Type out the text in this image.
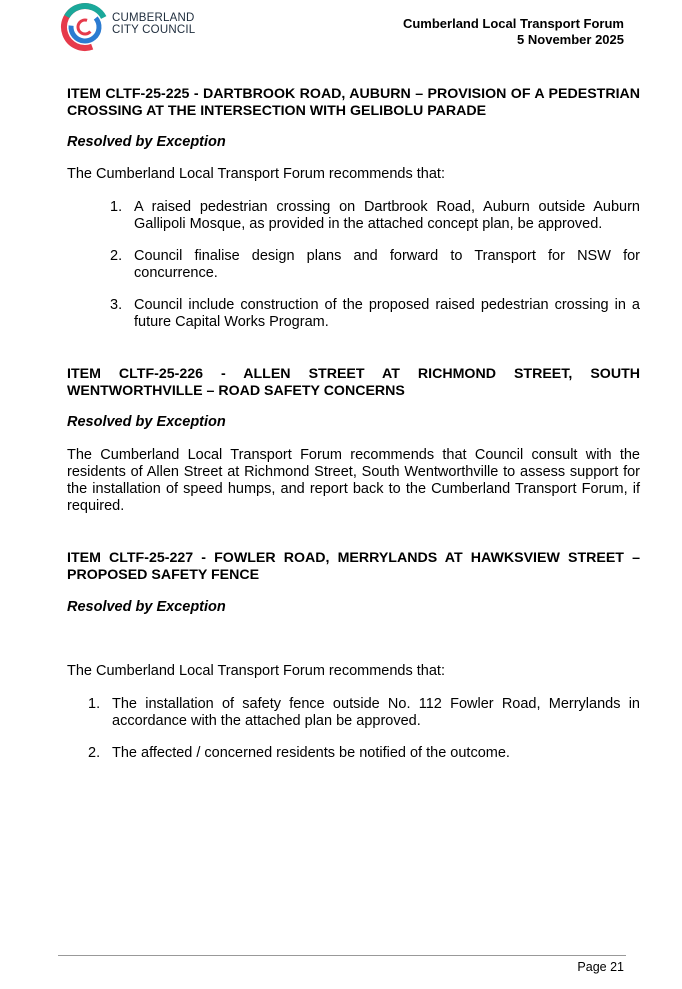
CUMBERLAND
CITY COUNCIL	Cumberland Local Transport Forum
5 November 2025
ITEM CLTF-25-225 - DARTBROOK ROAD, AUBURN – PROVISION OF A PEDESTRIAN CROSSING AT THE INTERSECTION WITH GELIBOLU PARADE
Resolved by Exception
The Cumberland Local Transport Forum recommends that:
1. A raised pedestrian crossing on Dartbrook Road, Auburn outside Auburn Gallipoli Mosque, as provided in the attached concept plan, be approved.
2. Council finalise design plans and forward to Transport for NSW for concurrence.
3. Council include construction of the proposed raised pedestrian crossing in a future Capital Works Program.
ITEM CLTF-25-226 - ALLEN STREET AT RICHMOND STREET, SOUTH WENTWORTHVILLE – ROAD SAFETY CONCERNS
Resolved by Exception
The Cumberland Local Transport Forum recommends that Council consult with the residents of Allen Street at Richmond Street, South Wentworthville to assess support for the installation of speed humps, and report back to the Cumberland Transport Forum, if required.
ITEM CLTF-25-227 - FOWLER ROAD, MERRYLANDS AT HAWKSVIEW STREET – PROPOSED SAFETY FENCE
Resolved by Exception
The Cumberland Local Transport Forum recommends that:
1. The installation of safety fence outside No. 112 Fowler Road, Merrylands in accordance with the attached plan be approved.
2. The affected / concerned residents be notified of the outcome.
Page 21
